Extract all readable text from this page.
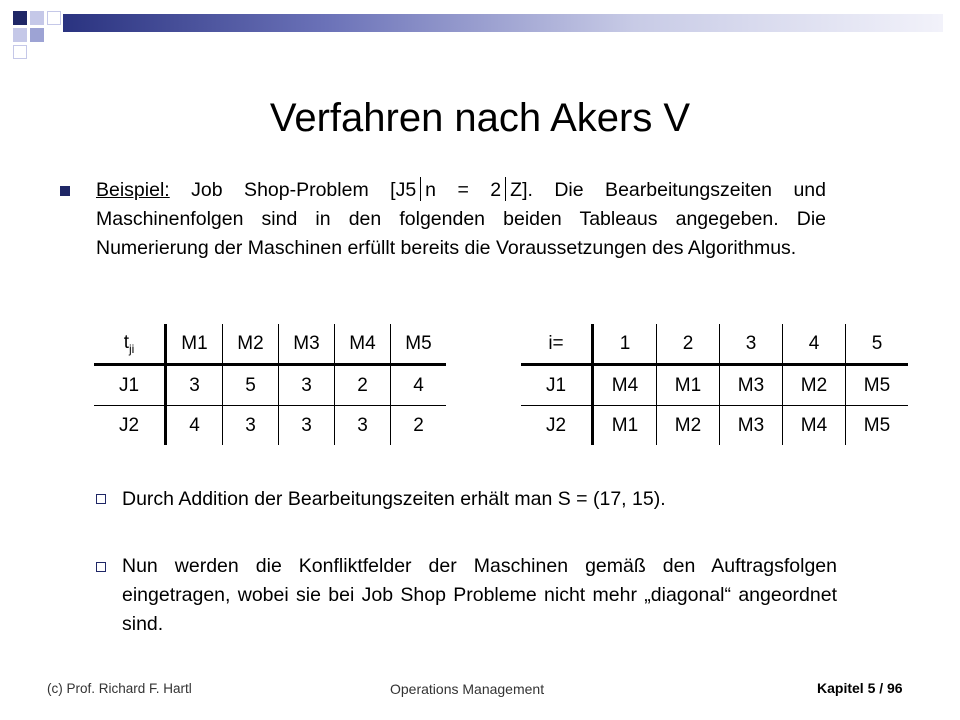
Verfahren nach Akers V
Beispiel: Job Shop-Problem [J5 n = 2 Z]. Die Bearbeitungszeiten und Maschinenfolgen sind in den folgenden beiden Tableaus angegeben. Die Numerierung der Maschinen erfüllt bereits die Voraussetzungen des Algorithmus.
$t_{ji}$	M1	M2	M3	M4	M5
J1	3	5	3	2	4
J2	4	3	3	3	2
i=	1	2	3	4	5
J1	M4	M1	M3	M2	M5
J2	M1	M2	M3	M4	M5
Durch Addition der Bearbeitungszeiten erhält man S = (17, 15).
Nun werden die Konfliktfelder der Maschinen gemäß den Auftragsfolgen eingetragen, wobei sie bei Job Shop Probleme nicht mehr „diagonal“ angeordnet sind.
(c) Prof. Richard F. Hartl	Operations Management	Kapitel 5 / 96
